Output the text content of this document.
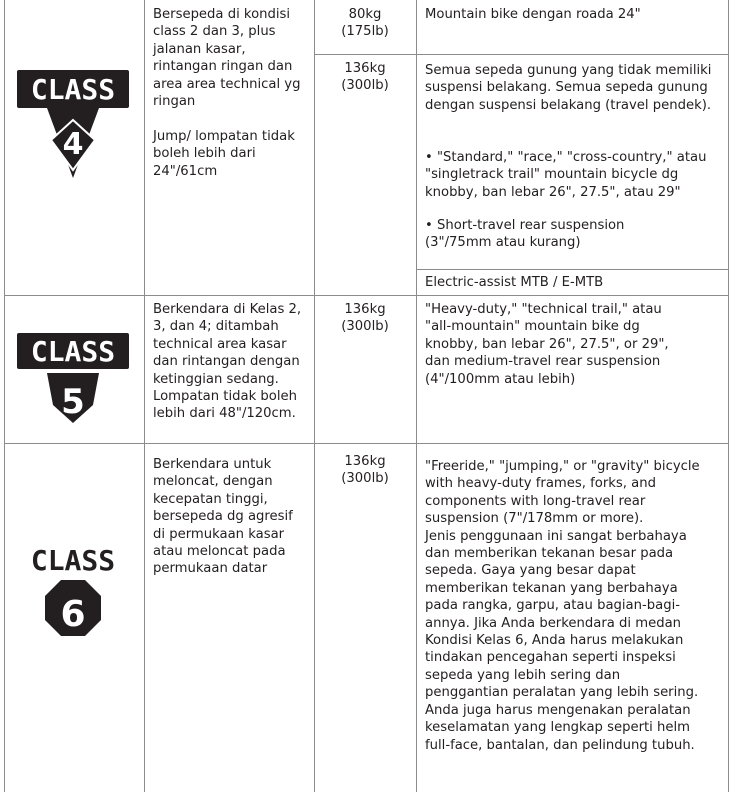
CLASS
4
Bersepeda di kondisi
class 2 dan 3, plus
jalanan kasar,
rintangan ringan dan
area area technical yg
ringan

Jump/ lompatan tidak
boleh lebih dari
24"/61cm
80kg
(175lb)
Mountain bike dengan roada 24"
136kg
(300lb)
Semua sepeda gunung yang tidak memiliki
suspensi belakang. Semua sepeda gunung
dengan suspensi belakang (travel pendek).

• "Standard," "race," "cross-country," atau
"singletrack trail" mountain bicycle dg
knobby, ban lebar 26", 27.5", atau 29"
• Short-travel rear suspension
(3"/75mm atau kurang)
Electric-assist MTB / E-MTB
CLASS
5
Berkendara di Kelas 2,
3, dan 4; ditambah
technical area kasar
dan rintangan dengan
ketinggian sedang.
Lompatan tidak boleh
lebih dari 48"/120cm.
136kg
(300lb)
"Heavy-duty," "technical trail," atau
"all-mountain" mountain bike dg
knobby, ban lebar 26", 27.5", or 29",
dan medium-travel rear suspension
(4"/100mm atau lebih)
CLASS
6
Berkendara untuk
meloncat, dengan
kecepatan tinggi,
bersepeda dg agresif
di permukaan kasar
atau meloncat pada
permukaan datar
136kg
(300lb)
"Freeride," "jumping," or "gravity" bicycle
with heavy-duty frames, forks, and
components with long-travel rear
suspension (7"/178mm or more).
Jenis penggunaan ini sangat berbahaya
dan memberikan tekanan besar pada
sepeda. Gaya yang besar dapat
memberikan tekanan yang berbahaya
pada rangka, garpu, atau bagian-bagi-
annya. Jika Anda berkendara di medan
Kondisi Kelas 6, Anda harus melakukan
tindakan pencegahan seperti inspeksi
sepeda yang lebih sering dan
penggantian peralatan yang lebih sering.
Anda juga harus mengenakan peralatan
keselamatan yang lengkap seperti helm
full-face, bantalan, dan pelindung tubuh.
